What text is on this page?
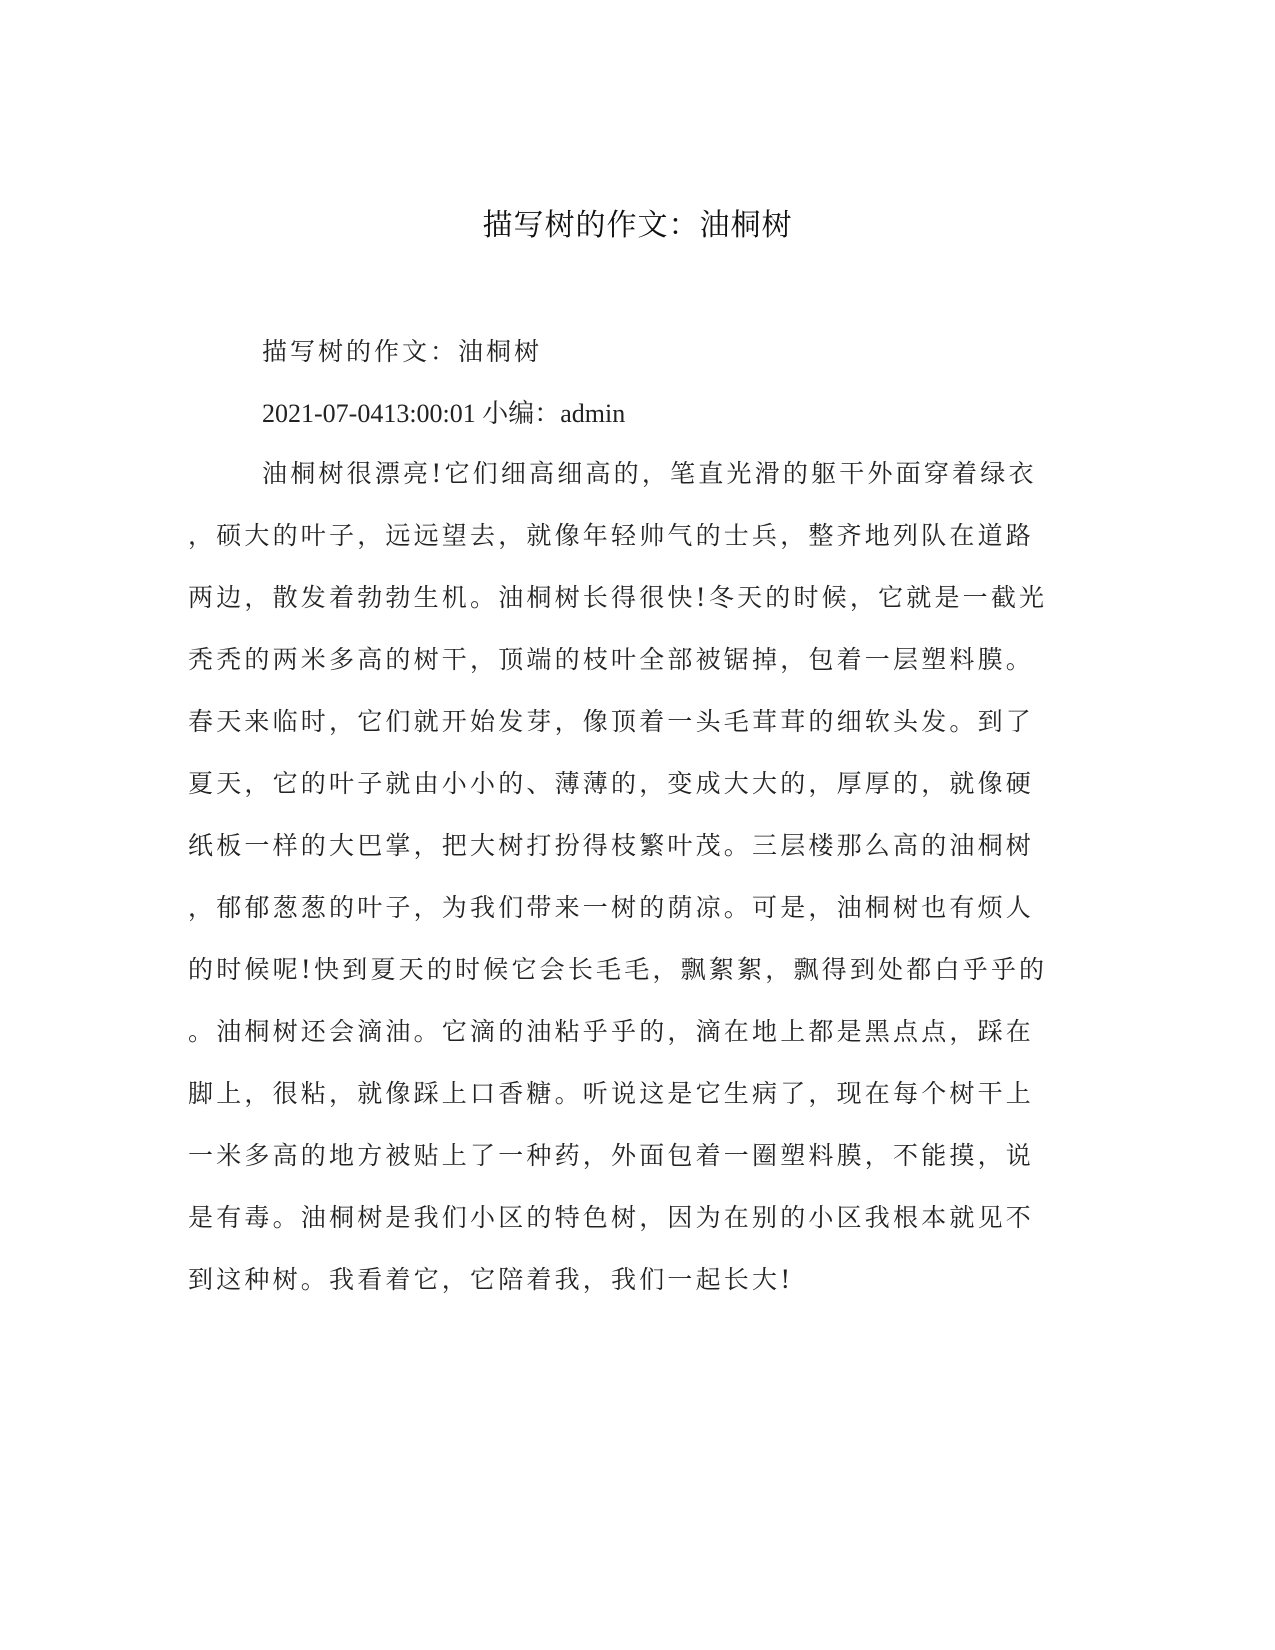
描写树的作文：油桐树

描写树的作文：油桐树

2021-07-0413:00:01 小编：admin

油桐树很漂亮!它们细高细高的，笔直光滑的躯干外面穿着绿衣
，硕大的叶子，远远望去，就像年轻帅气的士兵，整齐地列队在道路
两边，散发着勃勃生机。油桐树长得很快!冬天的时候，它就是一截光
秃秃的两米多高的树干，顶端的枝叶全部被锯掉，包着一层塑料膜。
春天来临时，它们就开始发芽，像顶着一头毛茸茸的细软头发。到了
夏天，它的叶子就由小小的、薄薄的，变成大大的，厚厚的，就像硬
纸板一样的大巴掌，把大树打扮得枝繁叶茂。三层楼那么高的油桐树
，郁郁葱葱的叶子，为我们带来一树的荫凉。可是，油桐树也有烦人
的时候呢!快到夏天的时候它会长毛毛，飘絮絮，飘得到处都白乎乎的
。油桐树还会滴油。它滴的油粘乎乎的，滴在地上都是黑点点，踩在
脚上，很粘，就像踩上口香糖。听说这是它生病了，现在每个树干上
一米多高的地方被贴上了一种药，外面包着一圈塑料膜，不能摸，说
是有毒。油桐树是我们小区的特色树，因为在别的小区我根本就见不
到这种树。我看着它，它陪着我，我们一起长大!
